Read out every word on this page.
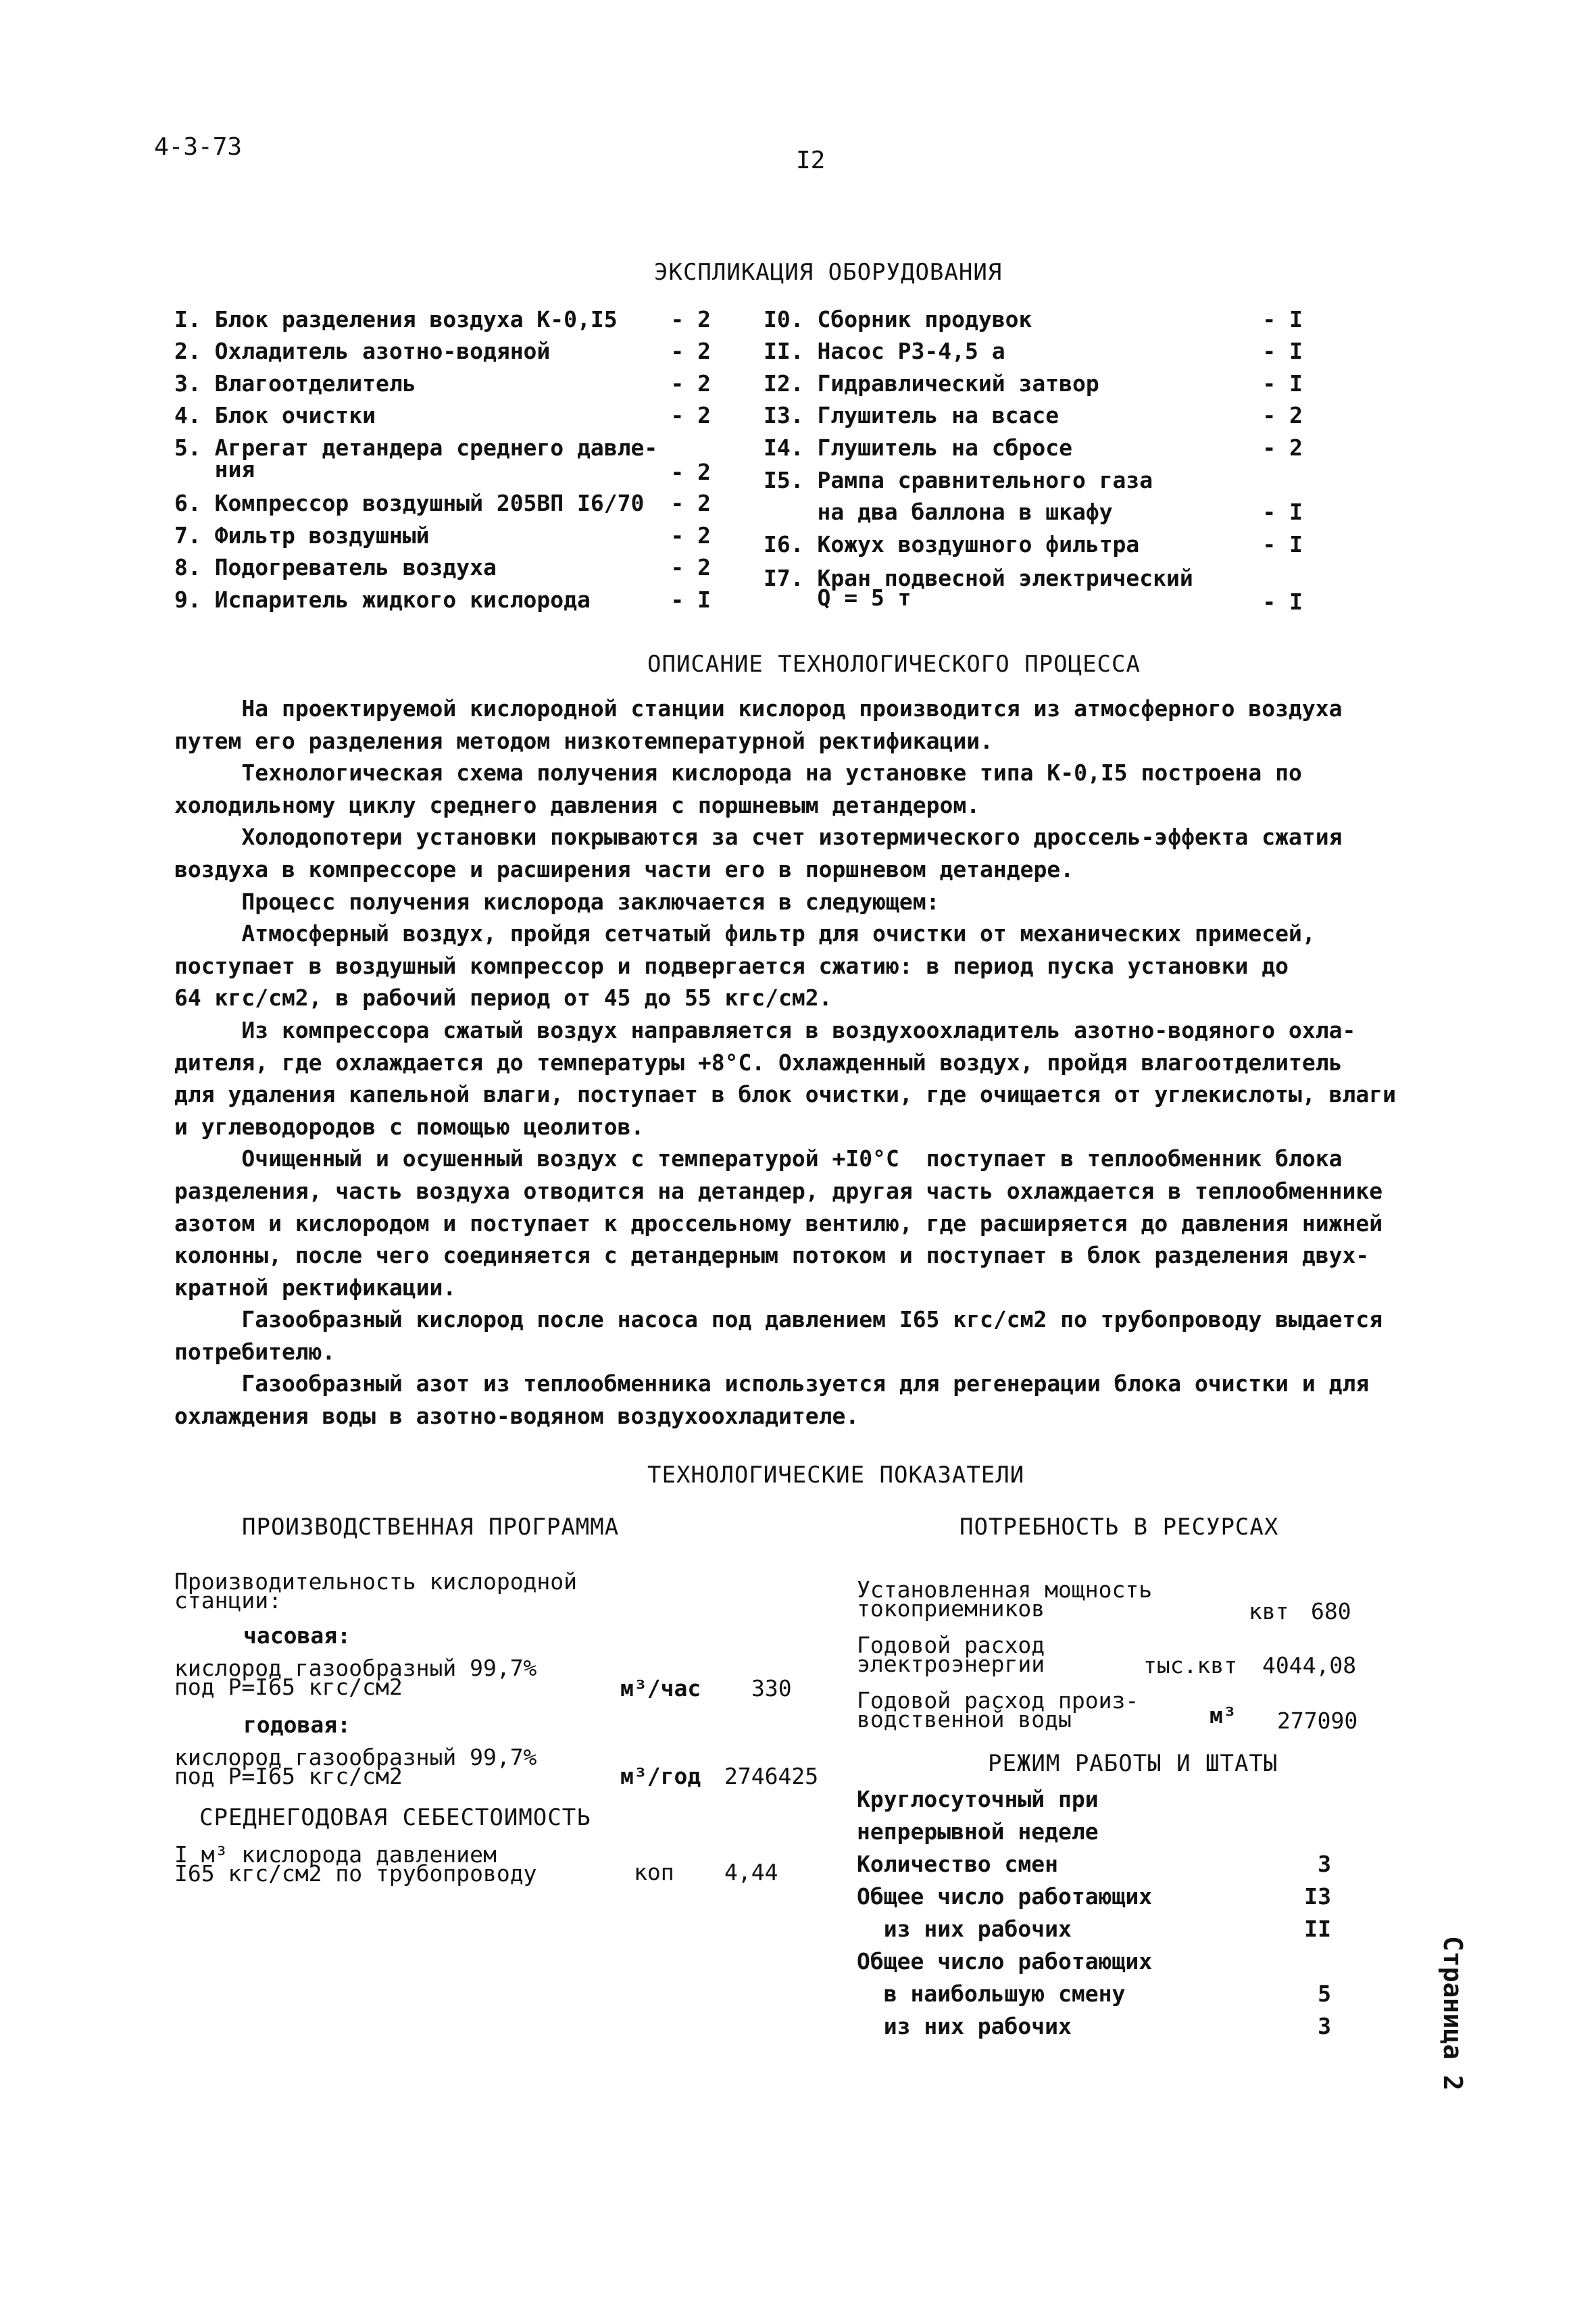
4-3-73	I2
ЭКСПЛИКАЦИЯ ОБОРУДОВАНИЯ
I. Блок разделения воздуха К-0,I5 - 2
2. Охладитель азотно-водяной	- 2
3. Влагоотделитель	- 2
4. Блок очистки	- 2
5. Агрегат детандера среднего давле-
ния	- 2
6. Компрессор воздушный 205ВП I6/70 - 2
7. Фильтр воздушный	- 2
8. Подогреватель воздуха	- 2
9. Испаритель жидкого кислорода	- I
I0. Сборник продувок	- I
II. Насос РЗ-4,5 а	- I
I2. Гидравлический затвор	- I
I3. Глушитель на всасе	- 2
I4. Глушитель на сбросе	- 2
I5. Рампа сравнительного газа
на два баллона в шкафу	- I
I6. Кожух воздушного фильтра	- I
I7. Кран подвесной электрический
Q = 5 т	- I
ОПИСАНИЕ ТЕХНОЛОГИЧЕСКОГО ПРОЦЕССА

На проектируемой кислородной станции кислород производится из атмосферного воздуха

путем его разделения методом низкотемпературной ректификации.

Технологическая схема получения кислорода на установке типа К-0,I5 построена по

холодильному циклу среднего давления с поршневым детандером.

Холодопотери установки покрываются за счет изотермического дроссель-эффекта сжатия

воздуха в компрессоре и расширения части его в поршневом детандере.

Процесс получения кислорода заключается в следующем:

Атмосферный воздух, пройдя сетчатый фильтр для очистки от механических примесей,

поступает в воздушный компрессор и подвергается сжатию: в период пуска установки до

64 кгс/см2, в рабочий период от 45 до 55 кгс/см2.

Из компрессора сжатый воздух направляется в воздухоохладитель азотно-водяного охла-

дителя, где охлаждается до температуры +8°С. Охлажденный воздух, пройдя влагоотделитель

для удаления капельной влаги, поступает в блок очистки, где очищается от углекислоты, влаги

и углеводородов с помощью цеолитов.

Очищенный и осушенный воздух с температурой +I0°С  поступает в теплообменник блока

разделения, часть воздуха отводится на детандер, другая часть охлаждается в теплообменнике

азотом и кислородом и поступает к дроссельному вентилю, где расширяется до давления нижней

колонны, после чего соединяется с детандерным потоком и поступает в блок разделения двух-

кратной ректификации.

Газообразный кислород после насоса под давлением I65 кгс/см2 по трубопроводу выдается

потребителю.

Газообразный азот из теплообменника используется для регенерации блока очистки и для

охлаждения воды в азотно-водяном воздухоохладителе.

ТЕХНОЛОГИЧЕСКИЕ ПОКАЗАТЕЛИ
ПРОИЗВОДСТВЕННАЯ ПРОГРАММА
Производительность кислородной
станции:
часовая:
кислород газообразный 99,7%
под Р=I65 кгс/см2	м³/час 330
годовая:
кислород газообразный 99,7%
под Р=I65 кгс/см2	м³/год 2746425
СРЕДНЕГОДОВАЯ СЕБЕСТОИМОСТЬ
I м³ кислорода давлением
I65 кгс/см2 по трубопроводу	коп 4,44
ПОТРЕБНОСТЬ В РЕСУРСАХ
Установленная мощность
токоприемников	квт 680
Годовой расход
электроэнергии	тыс.квт 4044,08
Годовой расход произ-
водственной воды	м³ 277090
РЕЖИМ РАБОТЫ И ШТАТЫ
Круглосуточный при
непрерывной неделе
Количество смен	3
Общее число работающих	I3
из них рабочих	II
Общее число работающих
в наибольшую смену	5
из них рабочих	3	Страница 2
